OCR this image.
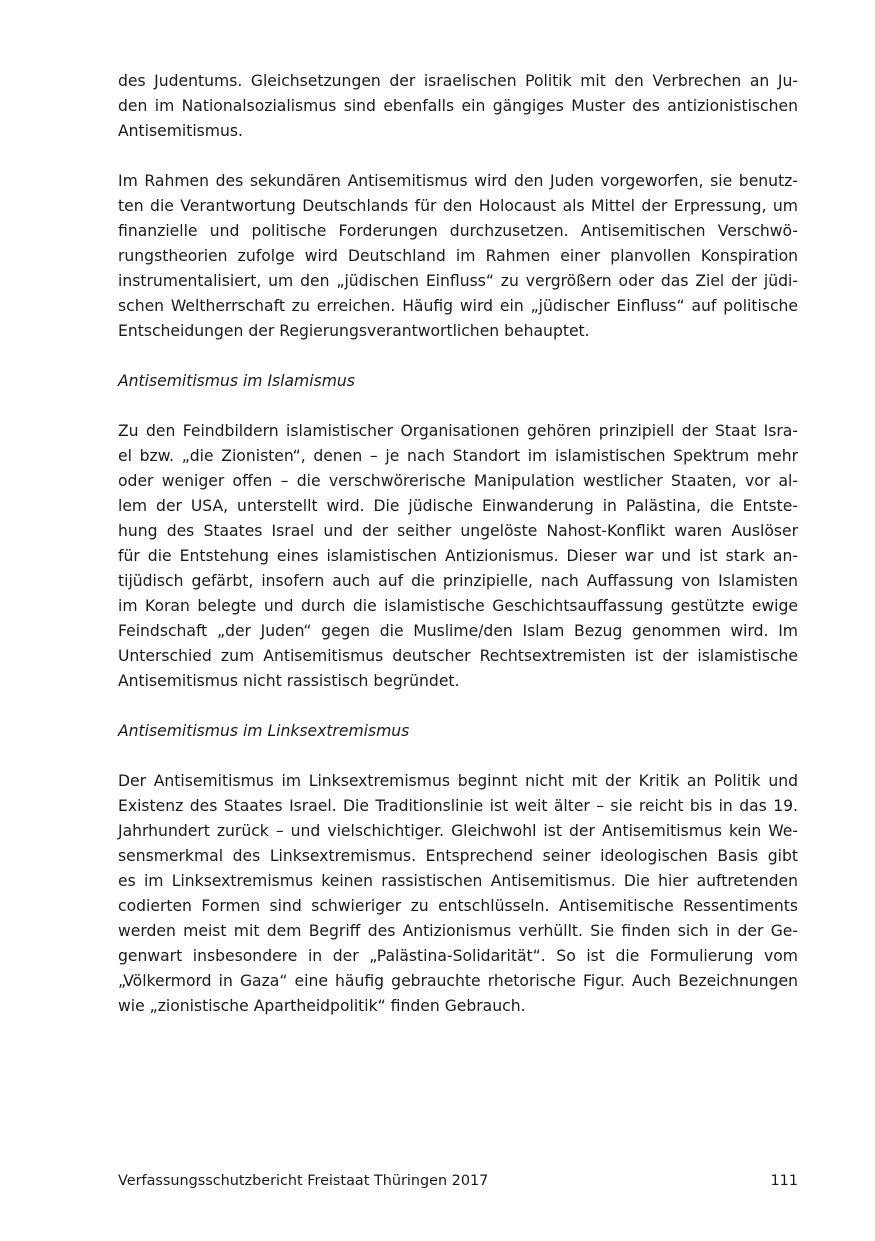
des Judentums. Gleichsetzungen der israelischen Politik mit den Verbrechen an Ju-
den im Nationalsozialismus sind ebenfalls ein gängiges Muster des antizionistischen
Antisemitismus.
Im Rahmen des sekundären Antisemitismus wird den Juden vorgeworfen, sie benutz-
ten die Verantwortung Deutschlands für den Holocaust als Mittel der Erpressung, um
finanzielle und politische Forderungen durchzusetzen. Antisemitischen Verschwö-
rungstheorien zufolge wird Deutschland im Rahmen einer planvollen Konspiration
instrumentalisiert, um den „jüdischen Einfluss“ zu vergrößern oder das Ziel der jüdi-
schen Weltherrschaft zu erreichen. Häufig wird ein „jüdischer Einfluss“ auf politische
Entscheidungen der Regierungsverantwortlichen behauptet.
Antisemitismus im Islamismus
Zu den Feindbildern islamistischer Organisationen gehören prinzipiell der Staat Isra-
el bzw. „die Zionisten“, denen – je nach Standort im islamistischen Spektrum mehr
oder weniger offen – die verschwörerische Manipulation westlicher Staaten, vor al-
lem der USA, unterstellt wird. Die jüdische Einwanderung in Palästina, die Entste-
hung des Staates Israel und der seither ungelöste Nahost-Konflikt waren Auslöser
für die Entstehung eines islamistischen Antizionismus. Dieser war und ist stark an-
tijüdisch gefärbt, insofern auch auf die prinzipielle, nach Auffassung von Islamisten
im Koran belegte und durch die islamistische Geschichtsauffassung gestützte ewige
Feindschaft „der Juden“ gegen die Muslime/den Islam Bezug genommen wird. Im
Unterschied zum Antisemitismus deutscher Rechtsextremisten ist der islamistische
Antisemitismus nicht rassistisch begründet.
Antisemitismus im Linksextremismus
Der Antisemitismus im Linksextremismus beginnt nicht mit der Kritik an Politik und
Existenz des Staates Israel. Die Traditionslinie ist weit älter – sie reicht bis in das 19.
Jahrhundert zurück – und vielschichtiger. Gleichwohl ist der Antisemitismus kein We-
sensmerkmal des Linksextremismus. Entsprechend seiner ideologischen Basis gibt
es im Linksextremismus keinen rassistischen Antisemitismus. Die hier auftretenden
codierten Formen sind schwieriger zu entschlüsseln. Antisemitische Ressentiments
werden meist mit dem Begriff des Antizionismus verhüllt. Sie finden sich in der Ge-
genwart insbesondere in der „Palästina-Solidarität“. So ist die Formulierung vom
„Völkermord in Gaza“ eine häufig gebrauchte rhetorische Figur. Auch Bezeichnungen
wie „zionistische Apartheidpolitik“ finden Gebrauch.
Verfassungsschutzbericht Freistaat Thüringen 2017	111
